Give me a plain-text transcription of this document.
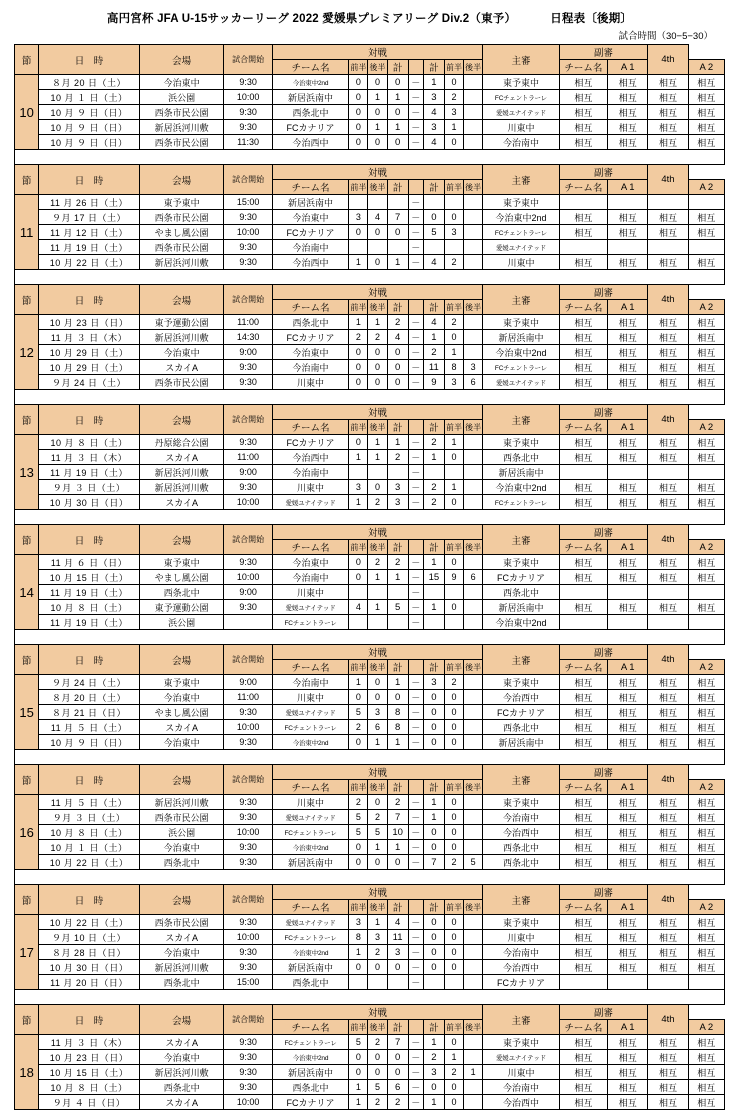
高円宮杯 JFA U-15サッカーリーグ 2022 愛媛県プレミアリーグ Div.2（東予）	日程表〔後期〕
試合時間（30−5−30）
節	日　時	会場	試合開始	対戦								主審	副審		4th	
				チーム名	前半	後半	計		計	前半	後半		チーム名	A 1		A 2
10	８月 20 日（土）	今治東中	9:30	今治東中2nd	0	0	0	－	1	0		東予東中	相互	相互	相互	相互
	10 月 １ 日（土）	浜公園	10:00	新居浜南中	0	1	1	－	3	2		FCチェントラーレ	相互	相互	相互	相互
	10 月 ９ 日（日）	西条市民公園	9:30	西条北中	0	0	0	－	4	3		愛媛ユナイテッド	相互	相互	相互	相互
	10 月 ９ 日（日）	新居浜河川敷	9:30	FCカナリア	0	1	1	－	3	1		川東中	相互	相互	相互	相互
	10 月 ９ 日（日）	西条市民公園	11:30	今治西中	0	0	0	－	4	0		今治南中	相互	相互	相互	相互

節	日　時	会場	試合開始	対戦								主審	副審		4th	
				チーム名	前半	後半	計		計	前半	後半		チーム名	A 1		A 2
11	11 月 26 日（土）	東予東中	15:00	新居浜南中				－				東予東中				
	９月 17 日（土）	西条市民公園	9:30	今治東中	3	4	7	－	0	0		今治東中2nd	相互	相互	相互	相互
	11 月 12 日（土）	やまし風公園	10:00	FCカナリア	0	0	0	－	5	3		FCチェントラーレ	相互	相互	相互	相互
	11 月 19 日（土）	西条市民公園	9:30	今治南中				－				愛媛ユナイテッド				
	10 月 22 日（土）	新居浜河川敷	9:30	今治西中	1	0	1	－	4	2		川東中	相互	相互	相互	相互

節	日　時	会場	試合開始	対戦								主審	副審		4th	
				チーム名	前半	後半	計		計	前半	後半		チーム名	A 1		A 2
12	10 月 23 日（日）	東予運動公園	11:00	西条北中	1	1	2	－	4	2		東予東中	相互	相互	相互	相互
	11 月 ３ 日（木）	新居浜河川敷	14:30	FCカナリア	2	2	4	－	1	0		新居浜南中	相互	相互	相互	相互
	10 月 29 日（土）	今治東中	9:00	今治東中	0	0	0	－	2	1		今治東中2nd	相互	相互	相互	相互
	10 月 29 日（土）	スカイA	9:30	今治南中	0	0	0	－	11	8	3	FCチェントラーレ	相互	相互	相互	相互
	９月 24 日（土）	西条市民公園	9:30	川東中	0	0	0	－	9	3	6	愛媛ユナイテッド	相互	相互	相互	相互

節	日　時	会場	試合開始	対戦								主審	副審		4th	
				チーム名	前半	後半	計		計	前半	後半		チーム名	A 1		A 2
13	10 月 ８ 日（土）	丹原総合公園	9:30	FCカナリア	0	1	1	－	2	1		東予東中	相互	相互	相互	相互
	11 月 ３ 日（木）	スカイA	11:00	今治西中	1	1	2	－	1	0		西条北中	相互	相互	相互	相互
	11 月 19 日（土）	新居浜河川敷	9:00	今治南中				－				新居浜南中				
	９月 ３ 日（土）	新居浜河川敷	9:30	川東中	3	0	3	－	2	1		今治東中2nd	相互	相互	相互	相互
	10 月 30 日（日）	スカイA	10:00	愛媛ユナイテッド	1	2	3	－	2	0		FCチェントラーレ	相互	相互	相互	相互

節	日　時	会場	試合開始	対戦								主審	副審		4th	
				チーム名	前半	後半	計		計	前半	後半		チーム名	A 1		A 2
14	11 月 ６ 日（日）	東予東中	9:30	今治東中	0	2	2	－	1	0		東予東中	相互	相互	相互	相互
	10 月 15 日（土）	やまし風公園	10:00	今治南中	0	1	1	－	15	9	6	FCカナリア	相互	相互	相互	相互
	11 月 19 日（土）	西条北中	9:00	川東中				－				西条北中				
	10 月 ８ 日（土）	東予運動公園	9:30	愛媛ユナイテッド	4	1	5	－	1	0		新居浜南中	相互	相互	相互	相互
	11 月 19 日（土）	浜公園		FCチェントラーレ				－				今治東中2nd				

節	日　時	会場	試合開始	対戦								主審	副審		4th	
				チーム名	前半	後半	計		計	前半	後半		チーム名	A 1		A 2
15	９月 24 日（土）	東予東中	9:00	今治南中	1	0	1	－	3	2		東予東中	相互	相互	相互	相互
	８月 20 日（土）	今治東中	11:00	川東中	0	0	0	－	0	0		今治西中	相互	相互	相互	相互
	８月 21 日（日）	やまし風公園	9:30	愛媛ユナイテッド	5	3	8	－	0	0		FCカナリア	相互	相互	相互	相互
	11 月 ５ 日（土）	スカイA	10:00	FCチェントラーレ	2	6	8	－	0	0		西条北中	相互	相互	相互	相互
	10 月 ９ 日（日）	今治東中	9:30	今治東中2nd	0	1	1	－	0	0		新居浜南中	相互	相互	相互	相互

節	日　時	会場	試合開始	対戦								主審	副審		4th	
				チーム名	前半	後半	計		計	前半	後半		チーム名	A 1		A 2
16	11 月 ５ 日（土）	新居浜河川敷	9:30	川東中	2	0	2	－	1	0		東予東中	相互	相互	相互	相互
	９月 ３ 日（土）	西条市民公園	9:30	愛媛ユナイテッド	5	2	7	－	1	0		今治南中	相互	相互	相互	相互
	10 月 ８ 日（土）	浜公園	10:00	FCチェントラーレ	5	5	10	－	0	0		今治西中	相互	相互	相互	相互
	10 月 １ 日（土）	今治東中	9:30	今治東中2nd	0	1	1	－	0	0		西条北中	相互	相互	相互	相互
	10 月 22 日（土）	西条北中	9:30	新居浜南中	0	0	0	－	7	2	5	西条北中	相互	相互	相互	相互

節	日　時	会場	試合開始	対戦								主審	副審		4th	
				チーム名	前半	後半	計		計	前半	後半		チーム名	A 1		A 2
17	10 月 22 日（土）	西条市民公園	9:30	愛媛ユナイテッド	3	1	4	－	0	0		東予東中	相互	相互	相互	相互
	９月 10 日（土）	スカイA	10:00	FCチェントラーレ	8	3	11	－	0	0		川東中	相互	相互	相互	相互
	８月 28 日（日）	今治東中	9:30	今治東中2nd	1	2	3	－	0	0		今治南中	相互	相互	相互	相互
	10 月 30 日（日）	新居浜河川敷	9:30	新居浜南中	0	0	0	－	0	0		今治西中	相互	相互	相互	相互
	11 月 20 日（日）	西条北中	15:00	西条北中				－				FCカナリア				

節	日　時	会場	試合開始	対戦								主審	副審		4th	
				チーム名	前半	後半	計		計	前半	後半		チーム名	A 1		A 2
18	11 月 ３ 日（木）	スカイA	9:30	FCチェントラーレ	5	2	7	－	1	0		東予東中	相互	相互	相互	相互
	10 月 23 日（日）	今治東中	9:30	今治東中2nd	0	0	0	－	2	1		愛媛ユナイテッド	相互	相互	相互	相互
	10 月 15 日（土）	新居浜河川敷	9:30	新居浜南中	0	0	0	－	3	2	1	川東中	相互	相互	相互	相互
	10 月 ８ 日（土）	西条北中	9:30	西条北中	1	5	6	－	0	0		今治南中	相互	相互	相互	相互
	９月 ４ 日（日）	スカイA	10:00	FCカナリア	1	2	2	－	1	0		今治西中	相互	相互	相互	相互
